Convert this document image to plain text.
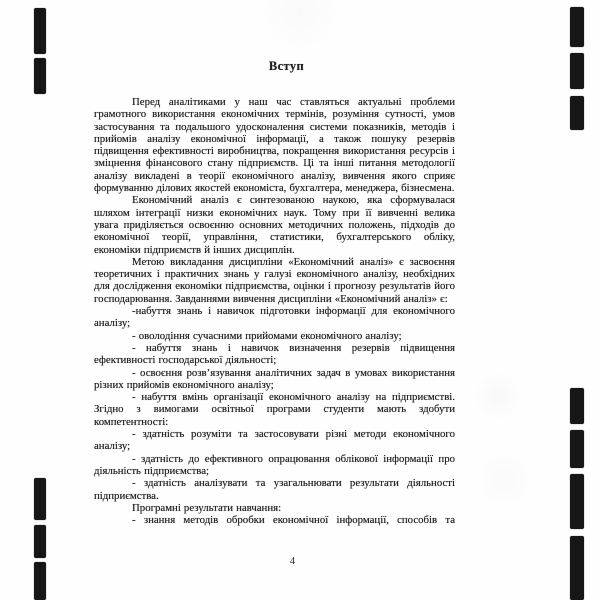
Вступ

Перед аналітиками у наш час ставляться актуальні проблеми грамотного використання економічних термінів, розуміння сутності, умов застосування та подальшого удосконалення системи показників, методів і прийомів аналізу економічної інформації, а також пошуку резервів підвищення ефективності виробництва, покращення використання ресурсів і зміцнення фінансового стану підприємств. Ці та інші питання методології аналізу викладені в теорії економічного аналізу, вивчення якого сприяє формуванню ділових якостей економіста, бухгалтера, менеджера, бізнесмена.

Економічний аналіз є синтезованою наукою, яка сформувалася шляхом інтеграції низки економічних наук. Тому при її вивченні велика увага приділяється освоєнню основних методичних положень, підходів до економічної теорії, управління, статистики, бухгалтерського обліку, економіки підприємств й інших дисциплін.

Метою викладання дисципліни «Економічний аналіз» є засвоєння теоретичних і практичних знань у галузі економічного аналізу, необхідних для дослідження економіки підприємства, оцінки і прогнозу результатів його господарювання. Завданнями вивчення дисципліни «Економічний аналіз» є:

-набуття знань і навичок підготовки інформації для економічного аналізу;

- оволодіння сучасними прийомами економічного аналізу;

- набуття знань і навичок визначення резервів підвищення ефективності господарської діяльності;

- освоєння розв’язування аналітичних задач в умовах використання різних прийомів економічного аналізу;

- набуття вмінь організації економічного аналізу на підприємстві. Згідно з вимогами освітньої програми студенти мають здобути компетентності:

- здатність розуміти та застосовувати різні методи економічного аналізу;

- здатність до ефективного опрацювання облікової інформації про діяльність підприємства;

- здатність аналізувати та узагальнювати результати діяльності підприємства.

Програмні результати навчання:

- знання методів обробки економічної інформації, способів та

4
